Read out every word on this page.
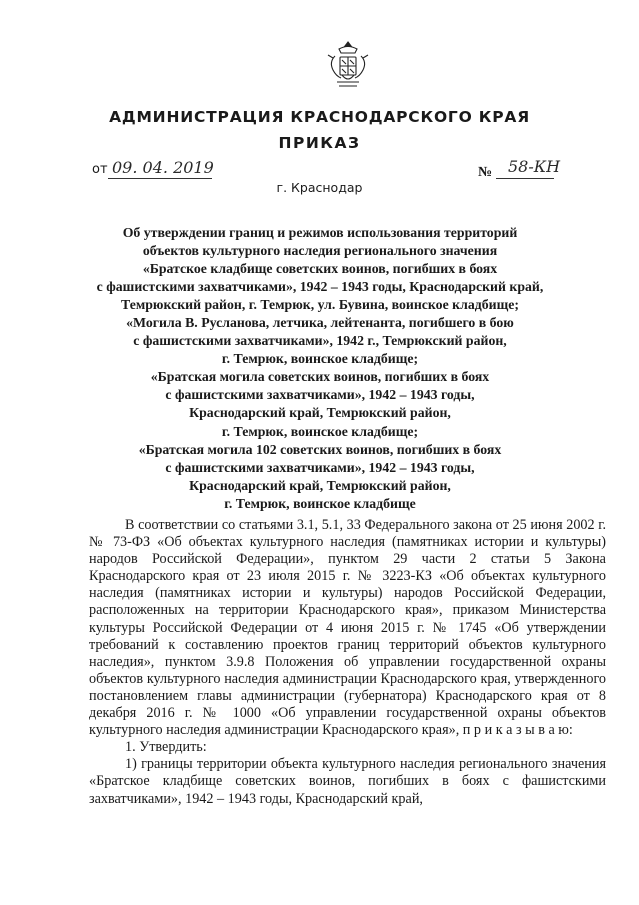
АДМИНИСТРАЦИЯ КРАСНОДАРСКОГО КРАЯ
ПРИКАЗ
от 09. 04. 2019
г. Краснодар
№ 58-КН
Об утверждении границ и режимов использования территорий
объектов культурного наследия регионального значения
«Братское кладбище советских воинов, погибших в боях
с фашистскими захватчиками», 1942 – 1943 годы, Краснодарский край,
Темрюкский район, г. Темрюк, ул. Бувина, воинское кладбище;
«Могила В. Русланова, летчика, лейтенанта, погибшего в бою
с фашистскими захватчиками», 1942 г., Темрюкский район,
г. Темрюк, воинское кладбище;
«Братская могила советских воинов, погибших в боях
с фашистскими захватчиками», 1942 – 1943 годы,
Краснодарский край, Темрюкский район,
г. Темрюк, воинское кладбище;
«Братская могила 102 советских воинов, погибших в боях
с фашистскими захватчиками», 1942 – 1943 годы,
Краснодарский край, Темрюкский район,
г. Темрюк, воинское кладбище

В соответствии со статьями 3.1, 5.1, 33 Федерального закона от 25 июня 2002 г. № 73-ФЗ «Об объектах культурного наследия (памятниках истории и культуры) народов Российской Федерации», пунктом 29 части 2 статьи 5 Закона Краснодарского края от 23 июля 2015 г. № 3223-КЗ «Об объектах культурного наследия (памятниках истории и культуры) народов Российской Федерации, расположенных на территории Краснодарского края», приказом Министерства культуры Российской Федерации от 4 июня 2015 г. № 1745 «Об утверждении требований к составлению проектов границ территорий объектов культурного наследия», пунктом 3.9.8 Положения об управлении государственной охраны объектов культурного наследия администрации Краснодарского края, утвержденного постановлением главы администрации (губернатора) Краснодарского края от 8 декабря 2016 г. № 1000 «Об управлении государственной охраны объектов культурного наследия администрации Краснодарского края», п р и к а з ы в а ю:

1. Утвердить:

1) границы территории объекта культурного наследия регионального значения «Братское кладбище советских воинов, погибших в боях с фашистскими захватчиками», 1942 – 1943 годы, Краснодарский край,
